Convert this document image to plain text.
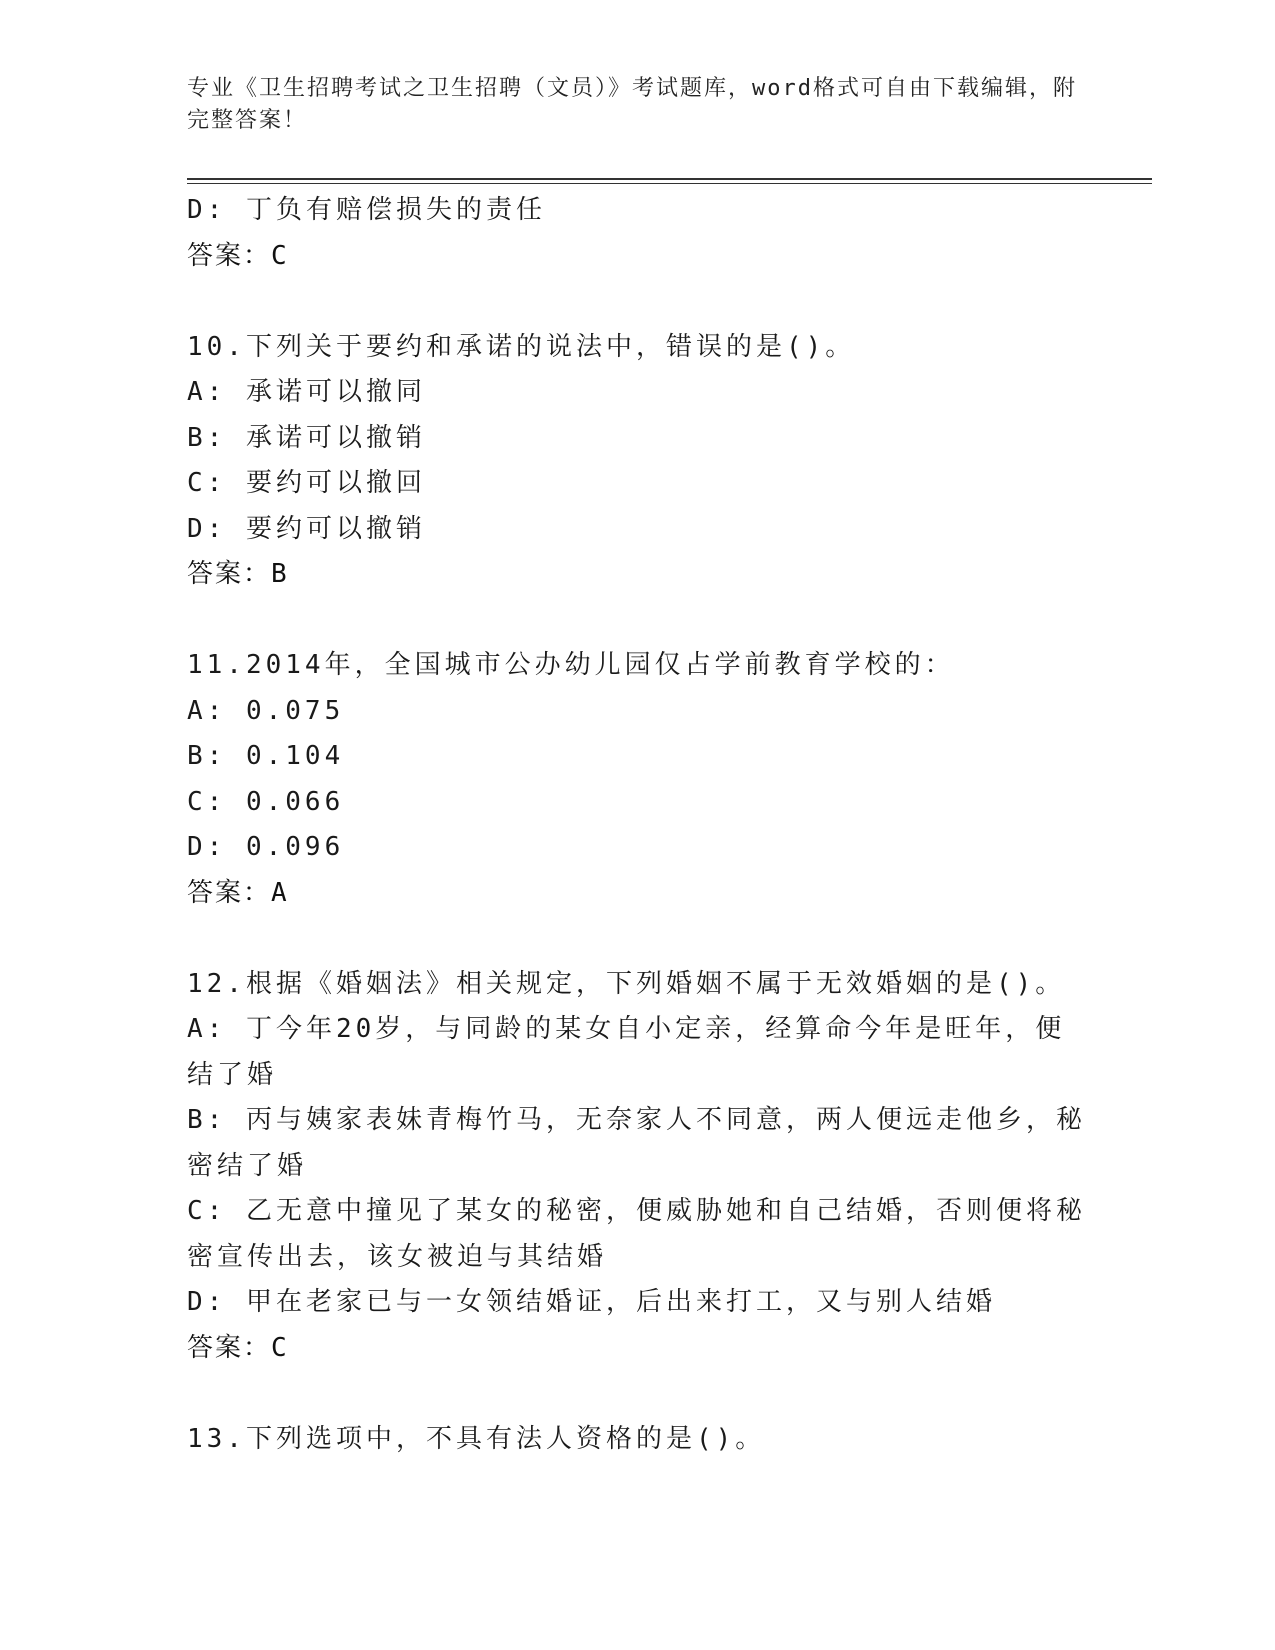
专业《卫生招聘考试之卫生招聘（文员）》考试题库，word格式可自由下载编辑，附完整答案！
D: 丁负有赔偿损失的责任
答案：C
10.下列关于要约和承诺的说法中，错误的是()。
A: 承诺可以撤同
B: 承诺可以撤销
C: 要约可以撤回
D: 要约可以撤销
答案：B
11.2014年，全国城市公办幼儿园仅占学前教育学校的：
A: 0.075
B: 0.104
C: 0.066
D: 0.096
答案：A
12.根据《婚姻法》相关规定，下列婚姻不属于无效婚姻的是()。
A: 丁今年20岁，与同龄的某女自小定亲，经算命今年是旺年，便结了婚
B: 丙与姨家表妹青梅竹马，无奈家人不同意，两人便远走他乡，秘密结了婚
C: 乙无意中撞见了某女的秘密，便威胁她和自己结婚，否则便将秘密宣传出去，该女被迫与其结婚
D: 甲在老家已与一女领结婚证，后出来打工，又与别人结婚
答案：C
13.下列选项中，不具有法人资格的是()。
